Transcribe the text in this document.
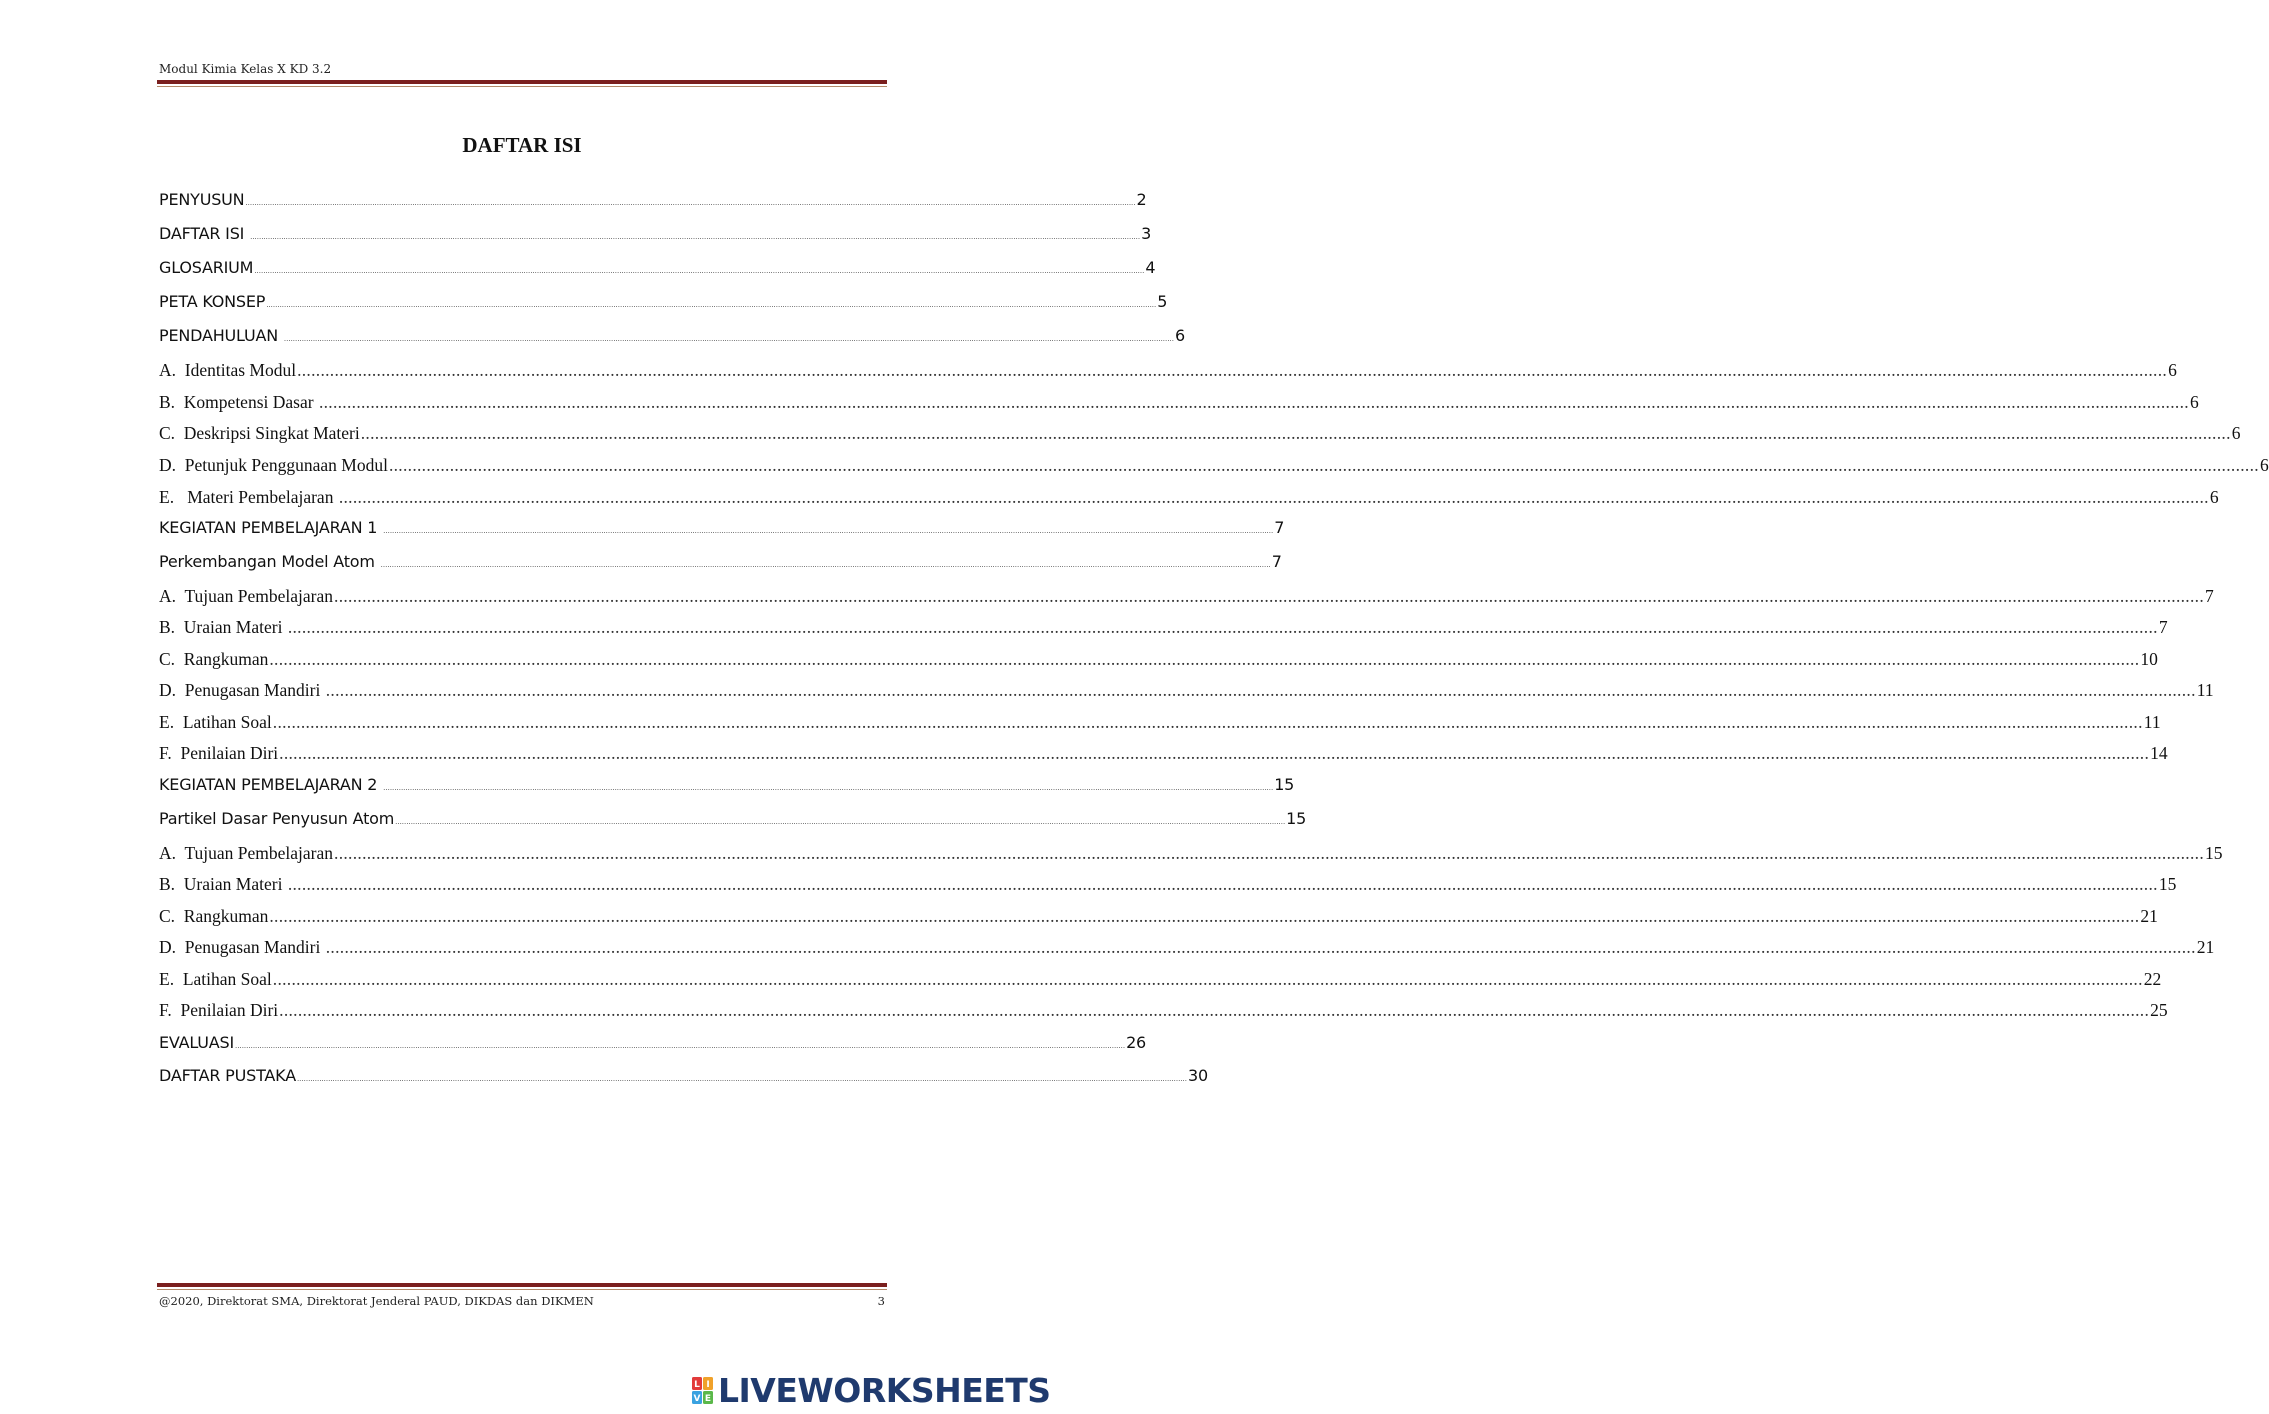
Modul Kimia Kelas X KD 3.2
DAFTAR ISI
PENYUSUN ................................................................................................................................................................................................................................................................................................................................................................................................................ 2
DAFTAR ISI ................................................................................................................................................................................................................................................................................................................................................................................................................ 3
GLOSARIUM ................................................................................................................................................................................................................................................................................................................................................................................................................ 4
PETA KONSEP ................................................................................................................................................................................................................................................................................................................................................................................................................ 5
PENDAHULUAN ................................................................................................................................................................................................................................................................................................................................................................................................................ 6
A.  Identitas Modul ................................................................................................................................................................................................................................................................................................................................................................................................................ 6
B.  Kompetensi Dasar ................................................................................................................................................................................................................................................................................................................................................................................................................ 6
C.  Deskripsi Singkat Materi ................................................................................................................................................................................................................................................................................................................................................................................................................ 6
D.  Petunjuk Penggunaan Modul ................................................................................................................................................................................................................................................................................................................................................................................................................ 6
E.   Materi Pembelajaran ................................................................................................................................................................................................................................................................................................................................................................................................................ 6
KEGIATAN PEMBELAJARAN 1 ................................................................................................................................................................................................................................................................................................................................................................................................................ 7
Perkembangan Model Atom ................................................................................................................................................................................................................................................................................................................................................................................................................ 7
A.  Tujuan Pembelajaran ................................................................................................................................................................................................................................................................................................................................................................................................................ 7
B.  Uraian Materi ................................................................................................................................................................................................................................................................................................................................................................................................................ 7
C.  Rangkuman ................................................................................................................................................................................................................................................................................................................................................................................................................ 10
D.  Penugasan Mandiri ................................................................................................................................................................................................................................................................................................................................................................................................................ 11
E.  Latihan Soal ................................................................................................................................................................................................................................................................................................................................................................................................................ 11
F.  Penilaian Diri ................................................................................................................................................................................................................................................................................................................................................................................................................ 14
KEGIATAN PEMBELAJARAN 2 ................................................................................................................................................................................................................................................................................................................................................................................................................ 15
Partikel Dasar Penyusun Atom ................................................................................................................................................................................................................................................................................................................................................................................................................ 15
A.  Tujuan Pembelajaran ................................................................................................................................................................................................................................................................................................................................................................................................................ 15
B.  Uraian Materi ................................................................................................................................................................................................................................................................................................................................................................................................................ 15
C.  Rangkuman ................................................................................................................................................................................................................................................................................................................................................................................................................ 21
D.  Penugasan Mandiri ................................................................................................................................................................................................................................................................................................................................................................................................................ 21
E.  Latihan Soal ................................................................................................................................................................................................................................................................................................................................................................................................................ 22
F.  Penilaian Diri ................................................................................................................................................................................................................................................................................................................................................................................................................ 25
EVALUASI ................................................................................................................................................................................................................................................................................................................................................................................................................ 26
DAFTAR PUSTAKA ................................................................................................................................................................................................................................................................................................................................................................................................................ 30
@2020, Direktorat SMA, Direktorat Jenderal PAUD, DIKDAS dan DIKMEN	3
L I
V E LIVEWORKSHEETS
